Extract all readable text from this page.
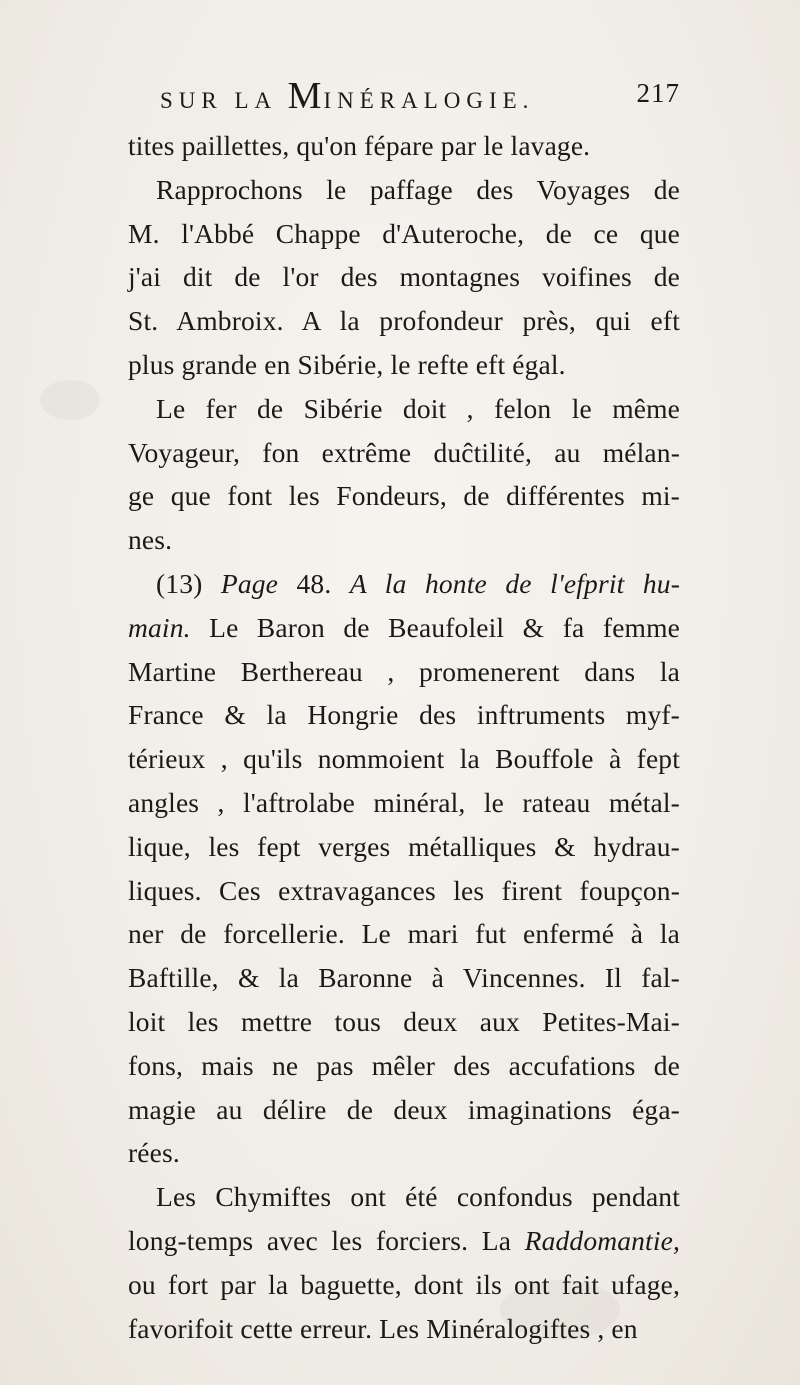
SUR LA MINÉRALOGIE.	217
tites paillettes, qu'on fépare par le lavage.
Rapprochons le paffage des Voyages de
M. l'Abbé Chappe d'Auteroche, de ce que
j'ai dit de l'or des montagnes voifines de
St. Ambroix. A la profondeur près, qui eft
plus grande en Sibérie, le refte eft égal.
Le fer de Sibérie doit , felon le même
Voyageur, fon extrême duĉtilité, au mélan-
ge que font les Fondeurs, de différentes mi-
nes.
(13) Page 48. A la honte de l'efprit hu-
main. Le Baron de Beaufoleil & fa femme
Martine Berthereau , promenerent dans la
France & la Hongrie des inftruments myf-
térieux , qu'ils nommoient la Bouffole à fept
angles , l'aftrolabe minéral, le rateau métal-
lique, les fept verges métalliques & hydrau-
liques. Ces extravagances les firent foupçon-
ner de forcellerie. Le mari fut enfermé à la
Baftille, & la Baronne à Vincennes. Il fal-
loit les mettre tous deux aux Petites-Mai-
fons, mais ne pas mêler des accufations de
magie au délire de deux imaginations éga-
rées.
Les Chymiftes ont été confondus pendant
long-temps avec les forciers. La Raddomantie,
ou fort par la baguette, dont ils ont fait ufage,
favorifoit cette erreur. Les Minéralogiftes , en
